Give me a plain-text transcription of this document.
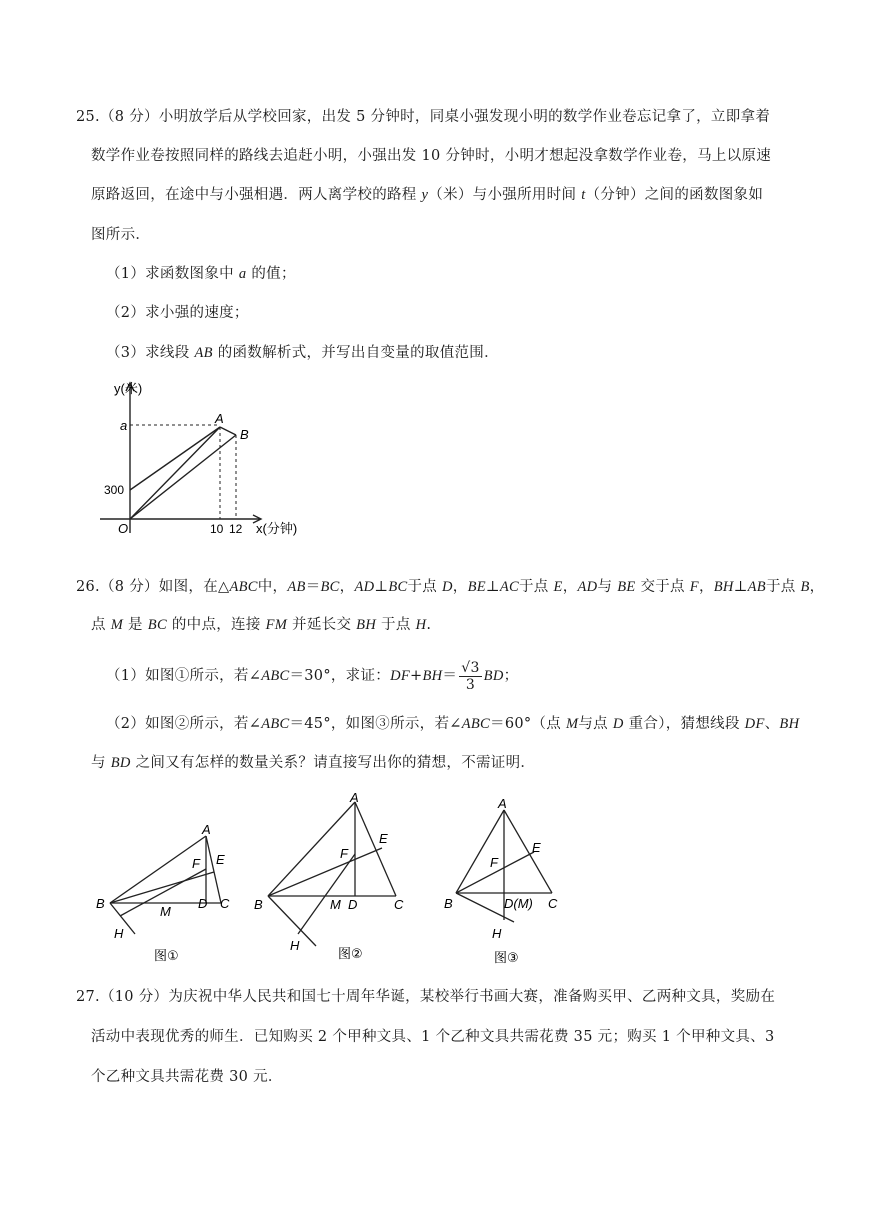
25.（8 分）小明放学后从学校回家，出发 5 分钟时，同桌小强发现小明的数学作业卷忘记拿了，立即拿着
数学作业卷按照同样的路线去追赶小明，小强出发 10 分钟时，小明才想起没拿数学作业卷，马上以原速
原路返回，在途中与小强相遇．两人离学校的路程 y（米）与小强所用时间 t（分钟）之间的函数图象如
图所示．
（1）求函数图象中 a 的值；
（2）求小强的速度；
（3）求线段 AB 的函数解析式，并写出自变量的取值范围．
y(米)
a
300
O	10 12 x(分钟)
A
B
26.（8 分）如图，在△ABC中，AB＝BC，AD⊥BC于点 D，BE⊥AC于点 E，AD与 BE 交于点 F，BH⊥AB于点 B，
点 M 是 BC 的中点，连接 FM 并延长交 BH 于点 H.
（1）如图①所示，若∠ABC＝30°，求证：$DF+BH= \frac{√3}{3}$ BD；
（2）如图②所示，若∠ABC＝45°，如图③所示，若∠ABC＝60°（点 M与点 D 重合），猜想线段 DF、BH
与 BD 之间又有怎样的数量关系？请直接写出你的猜想，不需证明．
A
B	C
D
E
F
M
H
图①
A
B	C
D
E
F
M
H
图②
A
B	C
D(M)
E
F
H
图③
27.（10 分）为庆祝中华人民共和国七十周年华诞，某校举行书画大赛，准备购买甲、乙两种文具，奖励在
活动中表现优秀的师生．已知购买 2 个甲种文具、1 个乙种文具共需花费 35 元；购买 1 个甲种文具、3
个乙种文具共需花费 30 元．
